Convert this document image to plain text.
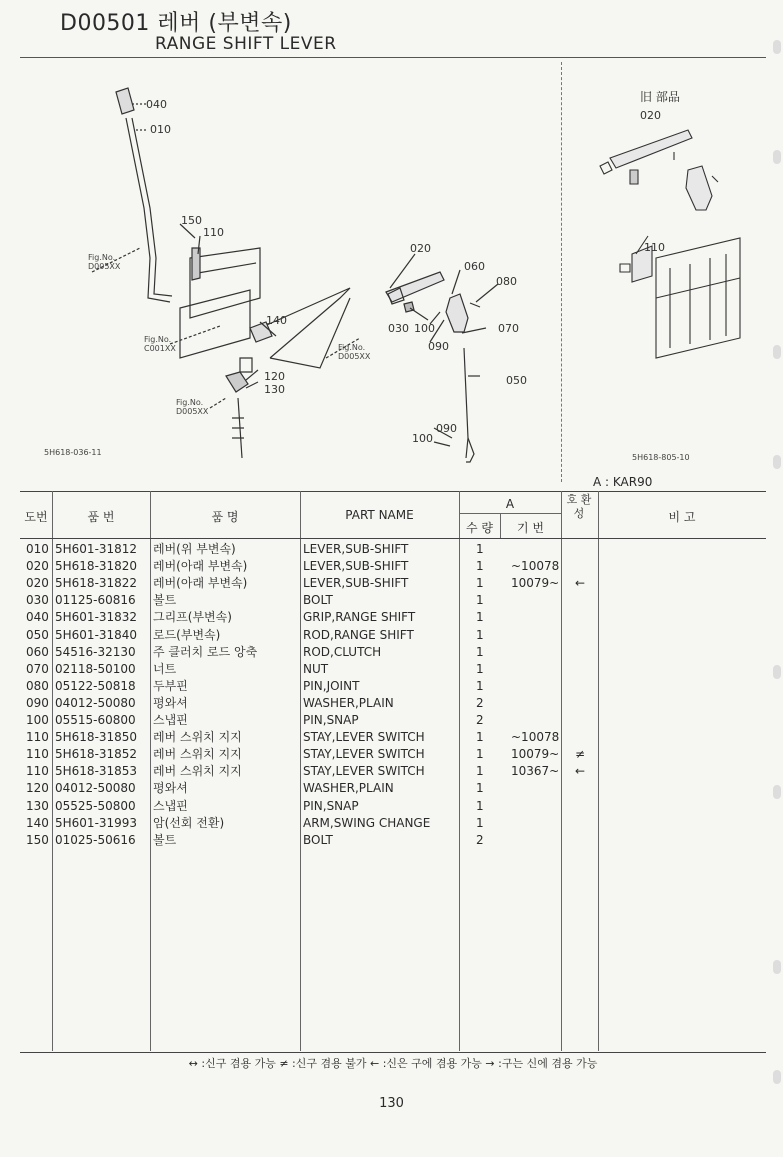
D00501 레버 (부변속)
RANGE SHIFT LEVER
040
010
150
110
020
060
080
030 100	070
140
090
050
120
130
090
100
020
110
Fig.No.
D005XX
Fig.No.
C001XX	Fig.No.
D005XX
Fig.No.
D005XX
旧 部品
5H618-036-11
5H618-805-10
A : KAR90
도번	품 번	품 명	PART NAME
A
수 량	기 번
호 환 성	비 고
010 5H601-31812 레버(위 부변속)	LEVER,SUB-SHIFT	1
020 5H618-31820 레버(아래 부변속)	LEVER,SUB-SHIFT	1 ~10078
020 5H618-31822 레버(아래 부변속)	LEVER,SUB-SHIFT	1 10079~ ←
030 01125-60816 볼트	BOLT	1
040 5H601-31832 그리프(부변속)	GRIP,RANGE SHIFT	1
050 5H601-31840 로드(부변속)	ROD,RANGE SHIFT	1
060 54516-32130 주 클러치 로드 앙축	ROD,CLUTCH	1
070 02118-50100 너트	NUT	1
080 05122-50818 두부핀	PIN,JOINT	1
090 04012-50080 평와셔	WASHER,PLAIN	2
100 05515-60800 스냅핀	PIN,SNAP	2
110 5H618-31850 레버 스위치 지지	STAY,LEVER SWITCH	1 ~10078
110 5H618-31852 레버 스위치 지지	STAY,LEVER SWITCH	1 10079~ ≠
110 5H618-31853 레버 스위치 지지	STAY,LEVER SWITCH	1 10367~ ←
120 04012-50080 평와셔	WASHER,PLAIN	1
130 05525-50800 스냅핀	PIN,SNAP	1
140 5H601-31993 암(선회 전환)	ARM,SWING CHANGE	1
150 01025-50616 볼트	BOLT	2
↔ :신구 겸용 가능 ≠ :신구 겸용 불가 ← :신은 구에 겸용 가능 → :구는 신에 겸용 가능
130
